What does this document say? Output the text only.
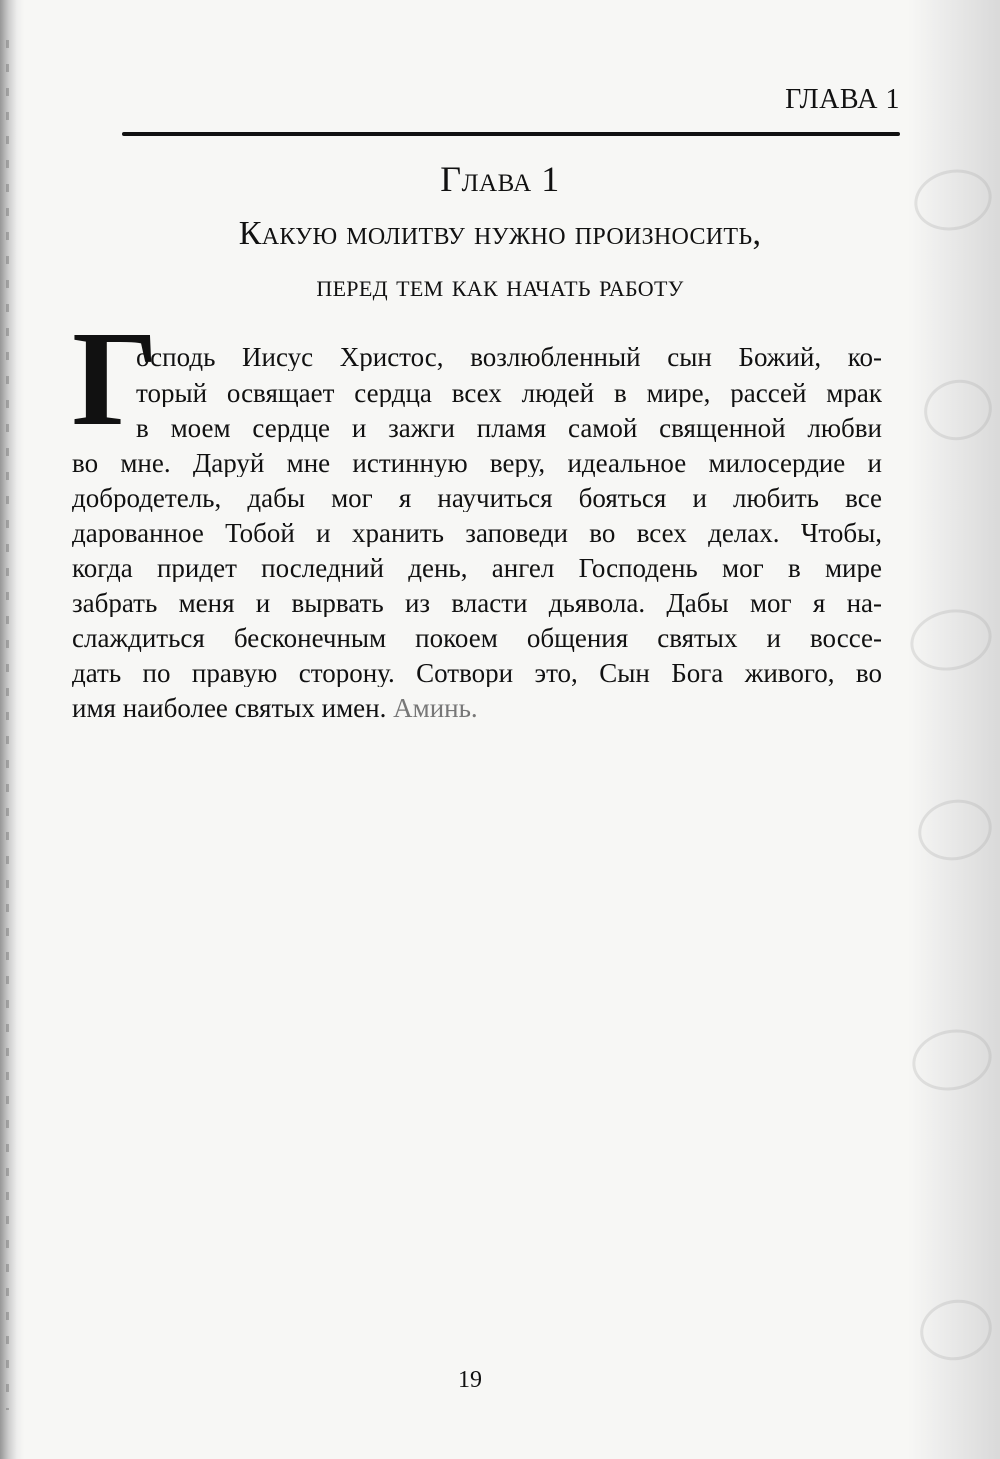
ГЛАВА 1
Глава 1
Какую молитву нужно произносить,
перед тем как начать работу
Г
осподь Иисус Христос, возлюбленный сын Божий, ко-
торый освящает сердца всех людей в мире, рассей мрак
в моем сердце и зажги пламя самой священной любви
во мне. Даруй мне истинную веру, идеальное милосердие и
добродетель, дабы мог я научиться бояться и любить все
дарованное Тобой и хранить заповеди во всех делах. Чтобы,
когда придет последний день, ангел Господень мог в мире
забрать меня и вырвать из власти дьявола. Дабы мог я на-
слаждиться бесконечным покоем общения святых и воссе-
дать по правую сторону. Сотвори это, Сын Бога живого, во
имя наиболее святых имен. Аминь.
19
